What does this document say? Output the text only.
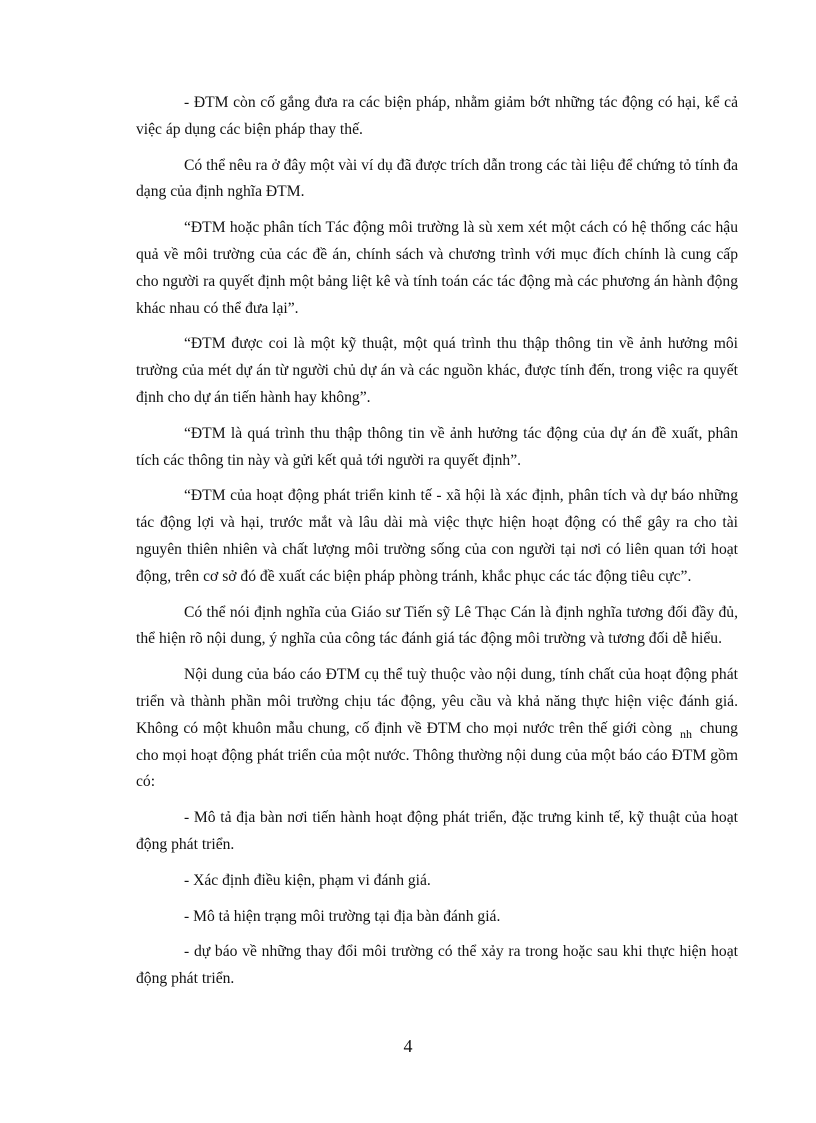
- ĐTM còn cố gắng đưa ra các biện pháp, nhằm giảm bớt những tác động có hại, kể cả việc áp dụng các biện pháp thay thế.

Có thể nêu ra ở đây một vài ví dụ đã được trích dẫn trong các tài liệu để chứng tỏ tính đa dạng của định nghĩa ĐTM.

“ĐTM hoặc phân tích Tác động môi trường là sù xem xét một cách có hệ thống các hậu quả về môi trường của các đề án, chính sách và chương trình với mục đích chính là cung cấp cho người ra quyết định một bảng liệt kê và tính toán các tác động mà các phương án hành động khác nhau có thể đưa lại”.

“ĐTM được coi là một kỹ thuật, một quá trình thu thập thông tin về ảnh hưởng môi trường của mét dự án từ người chủ dự án và các nguồn khác, được tính đến, trong việc ra quyết định cho dự án tiến hành hay không”.

“ĐTM là quá trình thu thập thông tin về ảnh hưởng tác động của dự án đề xuất, phân tích các thông tin này và gửi kết quả tới người ra quyết định”.

“ĐTM của hoạt động phát triển kinh tế - xã hội là xác định, phân tích và dự báo những tác động lợi và hại, trước mắt và lâu dài mà việc thực hiện hoạt động có thể gây ra cho tài nguyên thiên nhiên và chất lượng môi trường sống của con người tại nơi có liên quan tới hoạt động, trên cơ sở đó đề xuất các biện pháp phòng tránh, khắc phục các tác động tiêu cực”.

Có thể nói định nghĩa của Giáo sư Tiến sỹ Lê Thạc Cán là định nghĩa tương đối đầy đủ, thể hiện rõ nội dung, ý nghĩa của công tác đánh giá tác động môi trường và tương đối dễ hiểu.

Nội dung của báo cáo ĐTM cụ thể tuỳ thuộc vào nội dung, tính chất của hoạt động phát triển và thành phần môi trường chịu tác động, yêu cầu và khả năng thực hiện việc đánh giá. Không có một khuôn mẫu chung, cố định về ĐTM cho mọi nước trên thế giới còng $_{nh}$ chung cho mọi hoạt động phát triển của một nước. Thông thường nội dung của một báo cáo ĐTM gồm có:

- Mô tả địa bàn nơi tiến hành hoạt động phát triển, đặc trưng kinh tế, kỹ thuật của hoạt động phát triển.

- Xác định điều kiện, phạm vi đánh giá.

- Mô tả hiện trạng môi trường tại địa bàn đánh giá.

- dự báo về những thay đổi môi trường có thể xảy ra trong hoặc sau khi thực hiện hoạt động phát triển.

4
